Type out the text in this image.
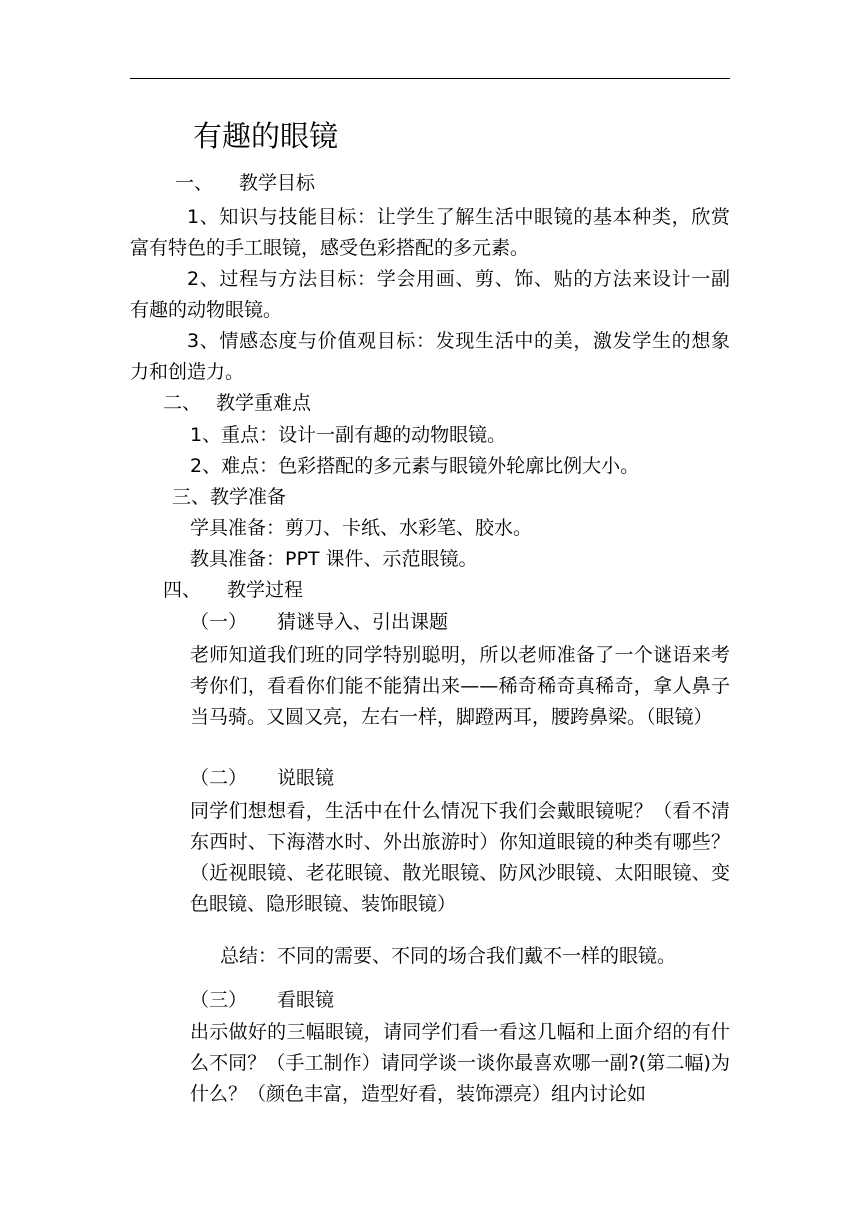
有趣的眼镜
一、 教学目标
1、知识与技能目标：让学生了解生活中眼镜的基本种类，欣赏富有特色的手工眼镜，感受色彩搭配的多元素。
2、过程与方法目标：学会用画、剪、饰、贴的方法来设计一副有趣的动物眼镜。
3、情感态度与价值观目标：发现生活中的美，激发学生的想象力和创造力。
二、 教学重难点
1、重点：设计一副有趣的动物眼镜。
2、难点：色彩搭配的多元素与眼镜外轮廓比例大小。
三、教学准备
学具准备：剪刀、卡纸、水彩笔、胶水。
教具准备：PPT 课件、示范眼镜。
四、 教学过程
（一） 猜谜导入、引出课题
老师知道我们班的同学特别聪明，所以老师准备了一个谜语来考考你们，看看你们能不能猜出来——稀奇稀奇真稀奇，拿人鼻子当马骑。又圆又亮，左右一样，脚蹬两耳，腰跨鼻梁。（眼镜）
（二） 说眼镜
同学们想想看，生活中在什么情况下我们会戴眼镜呢？（看不清东西时、下海潜水时、外出旅游时）你知道眼镜的种类有哪些？（近视眼镜、老花眼镜、散光眼镜、防风沙眼镜、太阳眼镜、变色眼镜、隐形眼镜、装饰眼镜）
总结：不同的需要、不同的场合我们戴不一样的眼镜。
（三） 看眼镜
出示做好的三幅眼镜，请同学们看一看这几幅和上面介绍的有什么不同？（手工制作）请同学谈一谈你最喜欢哪一副?(第二幅)为什么？（颜色丰富，造型好看，装饰漂亮）组内讨论如
